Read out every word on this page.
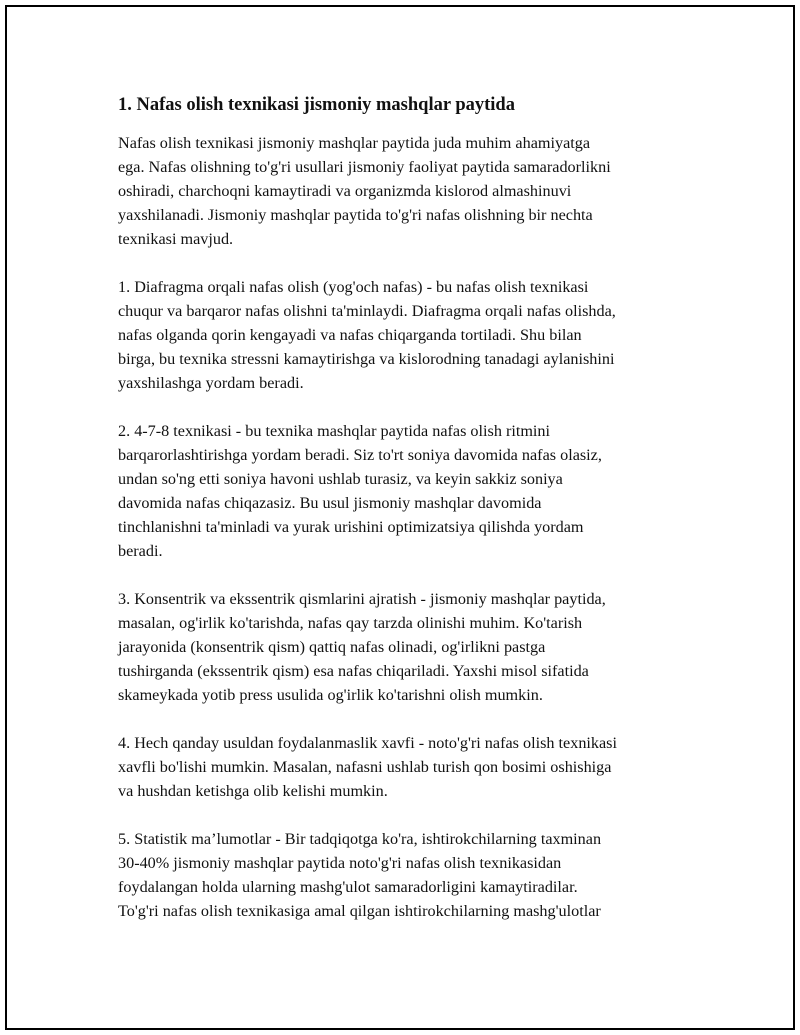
1. Nafas olish texnikasi jismoniy mashqlar paytida

Nafas olish texnikasi jismoniy mashqlar paytida juda muhim ahamiyatga
ega. Nafas olishning to'g'ri usullari jismoniy faoliyat paytida samaradorlikni
oshiradi, charchoqni kamaytiradi va organizmda kislorod almashinuvi
yaxshilanadi. Jismoniy mashqlar paytida to'g'ri nafas olishning bir nechta
texnikasi mavjud.

1. Diafragma orqali nafas olish (yog'och nafas) - bu nafas olish texnikasi
chuqur va barqaror nafas olishni ta'minlaydi. Diafragma orqali nafas olishda,
nafas olganda qorin kengayadi va nafas chiqarganda tortiladi. Shu bilan
birga, bu texnika stressni kamaytirishga va kislorodning tanadagi aylanishini
yaxshilashga yordam beradi.

2. 4-7-8 texnikasi - bu texnika mashqlar paytida nafas olish ritmini
barqarorlashtirishga yordam beradi. Siz to'rt soniya davomida nafas olasiz,
undan so'ng etti soniya havoni ushlab turasiz, va keyin sakkiz soniya
davomida nafas chiqazasiz. Bu usul jismoniy mashqlar davomida
tinchlanishni ta'minladi va yurak urishini optimizatsiya qilishda yordam
beradi.

3. Konsentrik va ekssentrik qismlarini ajratish - jismoniy mashqlar paytida,
masalan, og'irlik ko'tarishda, nafas qay tarzda olinishi muhim. Ko'tarish
jarayonida (konsentrik qism) qattiq nafas olinadi, og'irlikni pastga
tushirganda (ekssentrik qism) esa nafas chiqariladi. Yaxshi misol sifatida
skameykada yotib press usulida og'irlik ko'tarishni olish mumkin.

4. Hech qanday usuldan foydalanmaslik xavfi - noto'g'ri nafas olish texnikasi
xavfli bo'lishi mumkin. Masalan, nafasni ushlab turish qon bosimi oshishiga
va hushdan ketishga olib kelishi mumkin.

5. Statistik ma’lumotlar - Bir tadqiqotga ko'ra, ishtirokchilarning taxminan
30-40% jismoniy mashqlar paytida noto'g'ri nafas olish texnikasidan
foydalangan holda ularning mashg'ulot samaradorligini kamaytiradilar.
To'g'ri nafas olish texnikasiga amal qilgan ishtirokchilarning mashg'ulotlar
